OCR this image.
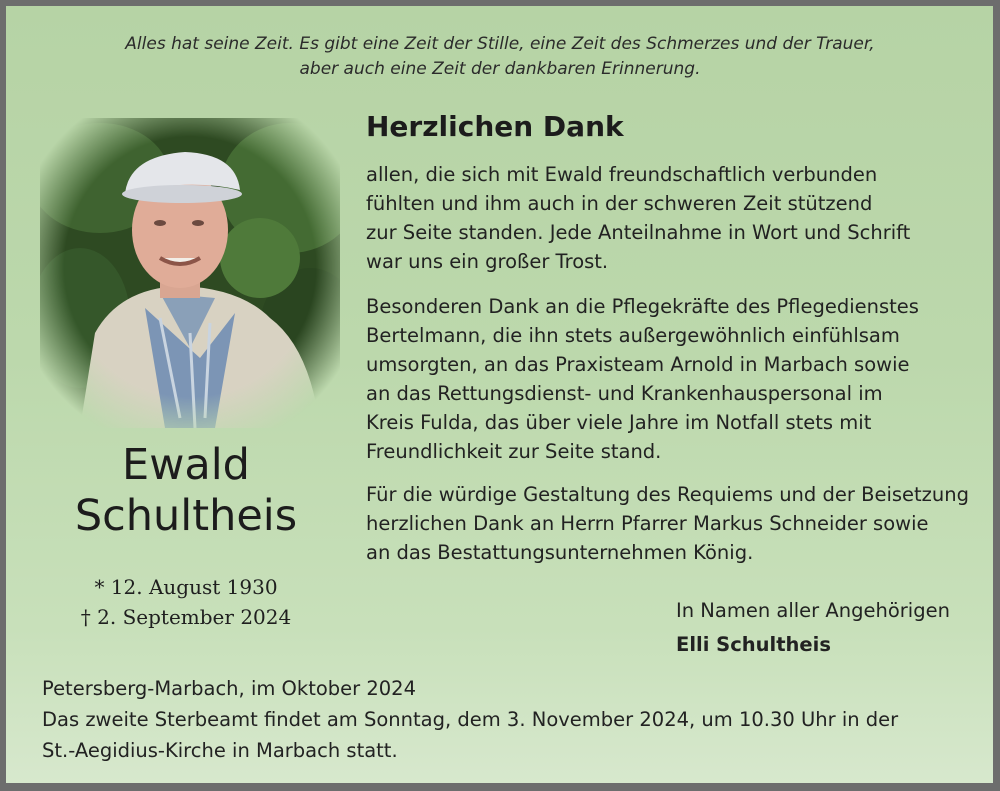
Alles hat seine Zeit. Es gibt eine Zeit der Stille, eine Zeit des Schmerzes und der Trauer,
aber auch eine Zeit der dankbaren Erinnerung.
Ewald
Schultheis
* 12. August 1930
† 2. September 2024
Herzlichen Dank
allen, die sich mit Ewald freundschaftlich verbunden
fühlten und ihm auch in der schweren Zeit stützend
zur Seite standen. Jede Anteilnahme in Wort und Schrift
war uns ein großer Trost.
Besonderen Dank an die Pflegekräfte des Pflegedienstes
Bertelmann, die ihn stets außergewöhnlich einfühlsam
umsorgten, an das Praxisteam Arnold in Marbach sowie
an das Rettungsdienst- und Krankenhauspersonal im
Kreis Fulda, das über viele Jahre im Notfall stets mit
Freundlichkeit zur Seite stand.
Für die würdige Gestaltung des Requiems und der Beisetzung
herzlichen Dank an Herrn Pfarrer Markus Schneider sowie
an das Bestattungsunternehmen König.
In Namen aller Angehörigen
Elli Schultheis
Petersberg-Marbach, im Oktober 2024
Das zweite Sterbeamt findet am Sonntag, dem 3. November 2024, um 10.30 Uhr in der
St.-Aegidius-Kirche in Marbach statt.
